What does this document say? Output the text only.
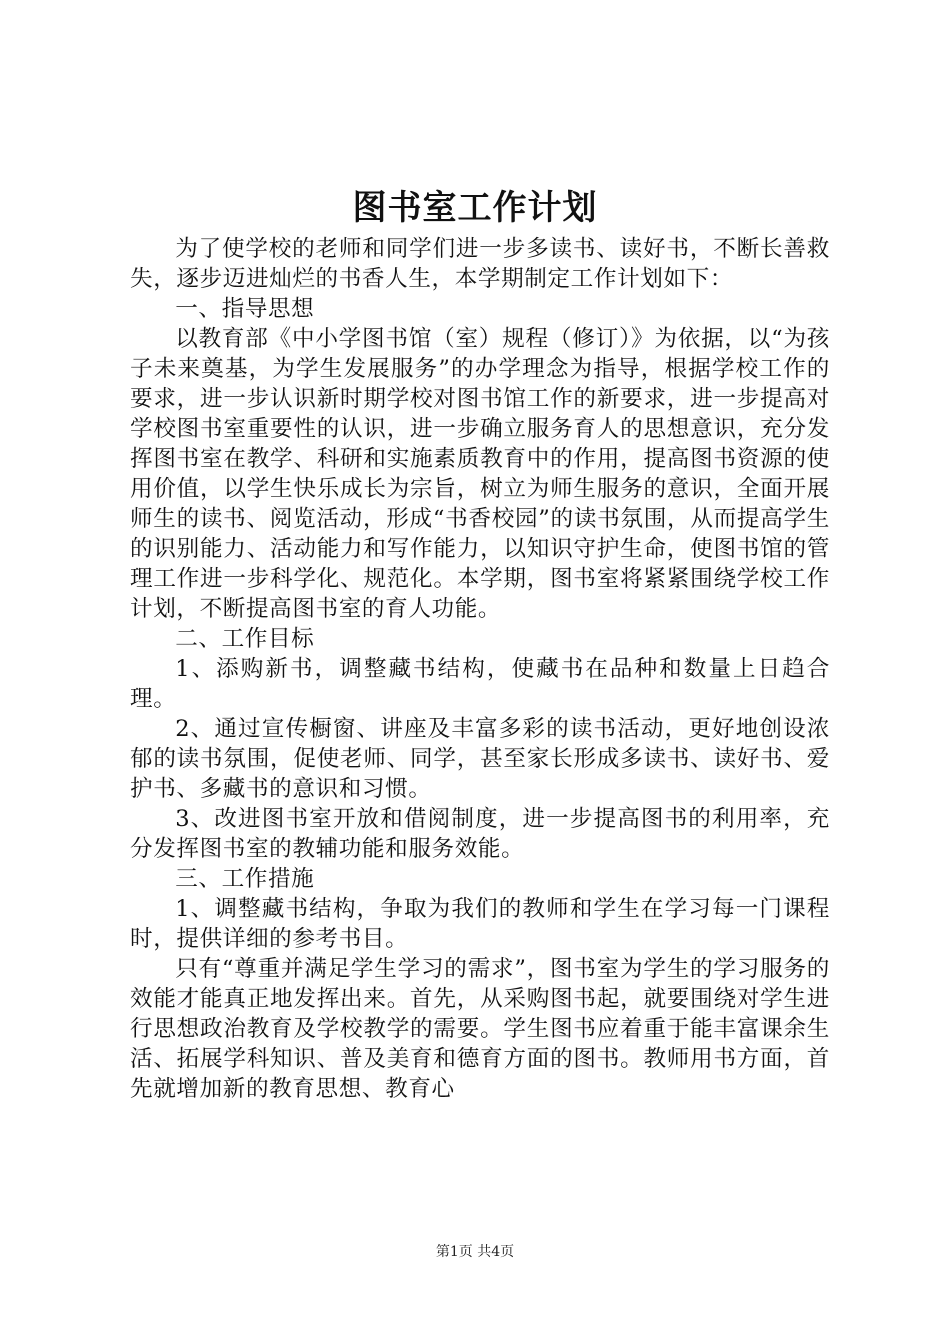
图书室工作计划

为了使学校的老师和同学们进一步多读书、读好书，不断长善救失，逐步迈进灿烂的书香人生，本学期制定工作计划如下：

一、指导思想

以教育部《中小学图书馆（室）规程（修订）》为依据，以“为孩子未来奠基，为学生发展服务”的办学理念为指导，根据学校工作的要求，进一步认识新时期学校对图书馆工作的新要求，进一步提高对学校图书室重要性的认识，进一步确立服务育人的思想意识，充分发挥图书室在教学、科研和实施素质教育中的作用，提高图书资源的使用价值，以学生快乐成长为宗旨，树立为师生服务的意识，全面开展师生的读书、阅览活动，形成“书香校园”的读书氛围，从而提高学生的识别能力、活动能力和写作能力，以知识守护生命，使图书馆的管理工作进一步科学化、规范化。本学期，图书室将紧紧围绕学校工作计划，不断提高图书室的育人功能。

二、工作目标

1、添购新书，调整藏书结构，使藏书在品种和数量上日趋合理。

2、通过宣传橱窗、讲座及丰富多彩的读书活动，更好地创设浓郁的读书氛围，促使老师、同学，甚至家长形成多读书、读好书、爱护书、多藏书的意识和习惯。

3、改进图书室开放和借阅制度，进一步提高图书的利用率，充分发挥图书室的教辅功能和服务效能。

三、工作措施

1、调整藏书结构，争取为我们的教师和学生在学习每一门课程时，提供详细的参考书目。

只有“尊重并满足学生学习的需求”，图书室为学生的学习服务的效能才能真正地发挥出来。首先，从采购图书起，就要围绕对学生进行思想政治教育及学校教学的需要。学生图书应着重于能丰富课余生活、拓展学科知识、普及美育和德育方面的图书。教师用书方面，首先就增加新的教育思想、教育心

第1页 共4页
